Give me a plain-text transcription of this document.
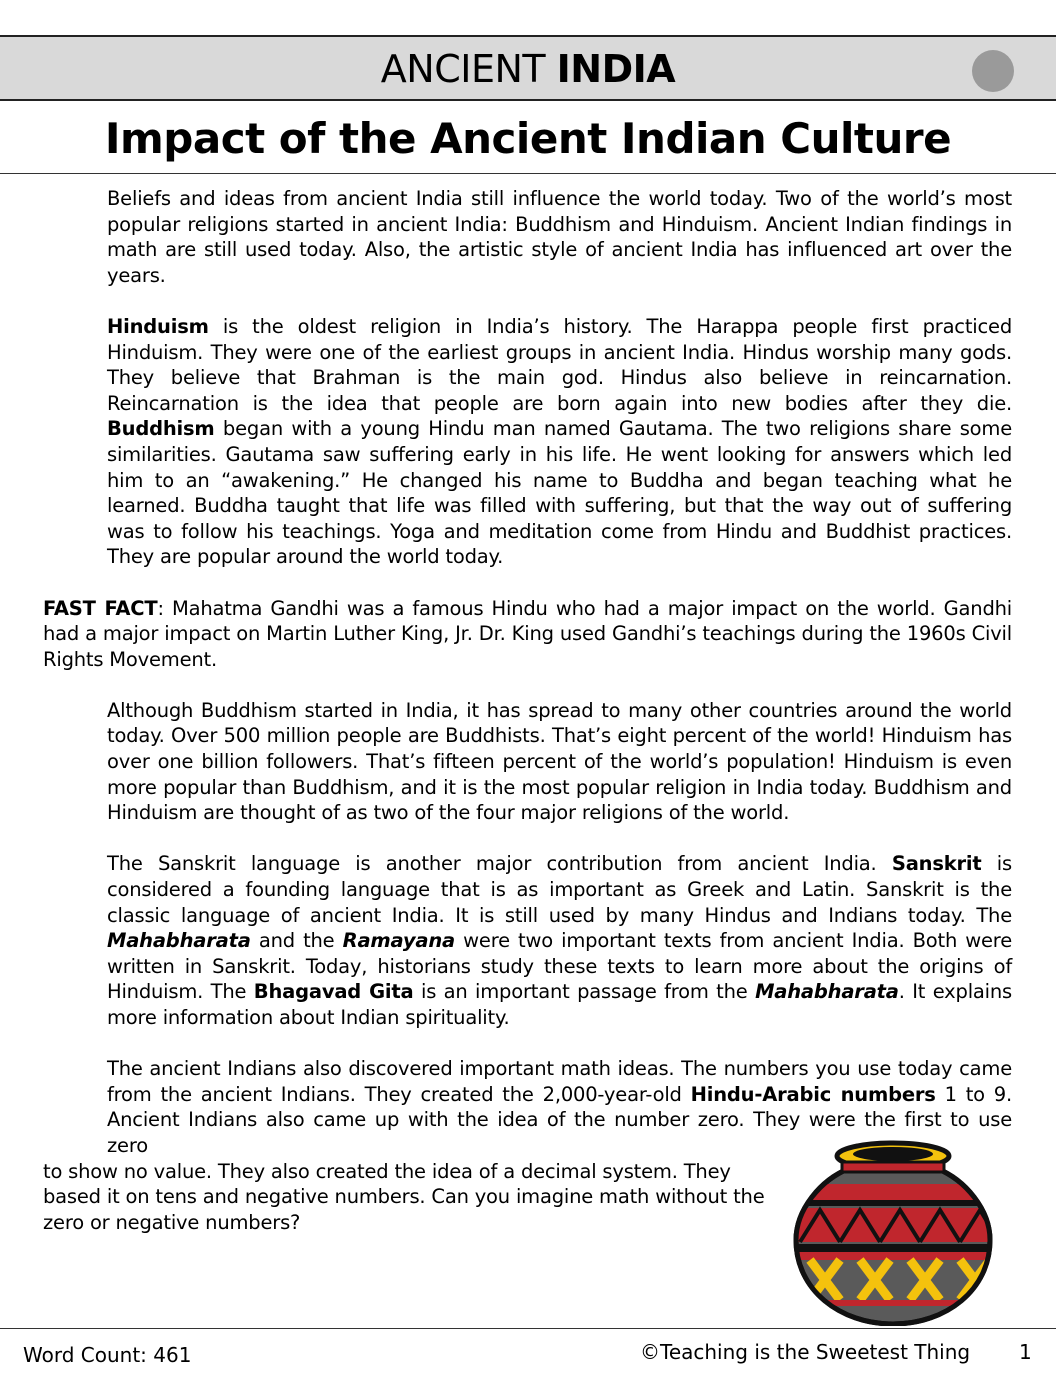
ANCIENT INDIA
Impact of the Ancient Indian Culture

Beliefs and ideas from ancient India still influence the world today. Two of the world’s most popular religions started in ancient India: Buddhism and Hinduism. Ancient Indian findings in math are still used today. Also, the artistic style of ancient India has influenced art over the years.

Hinduism is the oldest religion in India’s history. The Harappa people first practiced Hinduism. They were one of the earliest groups in ancient India. Hindus worship many gods. They believe that Brahman is the main god. Hindus also believe in reincarnation. Reincarnation is the idea that people are born again into new bodies after they die. Buddhism began with a young Hindu man named Gautama. The two religions share some similarities. Gautama saw suffering early in his life. He went looking for answers which led him to an “awakening.” He changed his name to Buddha and began teaching what he learned. Buddha taught that life was filled with suffering, but that the way out of suffering was to follow his teachings. Yoga and meditation come from Hindu and Buddhist practices. They are popular around the world today.

FAST FACT: Mahatma Gandhi was a famous Hindu who had a major impact on the world. Gandhi had a major impact on Martin Luther King, Jr. Dr. King used Gandhi’s teachings during the 1960s Civil Rights Movement.

Although Buddhism started in India, it has spread to many other countries around the world today. Over 500 million people are Buddhists. That’s eight percent of the world! Hinduism has over one billion followers. That’s fifteen percent of the world’s population! Hinduism is even more popular than Buddhism, and it is the most popular religion in India today. Buddhism and Hinduism are thought of as two of the four major religions of the world.

The Sanskrit language is another major contribution from ancient India. Sanskrit is considered a founding language that is as important as Greek and Latin. Sanskrit is the classic language of ancient India. It is still used by many Hindus and Indians today. The Mahabharata and the Ramayana were two important texts from ancient India. Both were written in Sanskrit. Today, historians study these texts to learn more about the origins of Hinduism. The Bhagavad Gita is an important passage from the Mahabharata. It explains more information about Indian spirituality.

The ancient Indians also discovered important math ideas. The numbers you use today came from the ancient Indians. They created the 2,000-year-old Hindu-Arabic numbers 1 to 9. Ancient Indians also came up with the idea of the number zero. They were the first to use zero

to show no value. They also created the idea of a decimal system. They based it on tens and negative numbers. Can you imagine math without the zero or negative numbers?

Word Count: 461	©Teaching is the Sweetest Thing 1
